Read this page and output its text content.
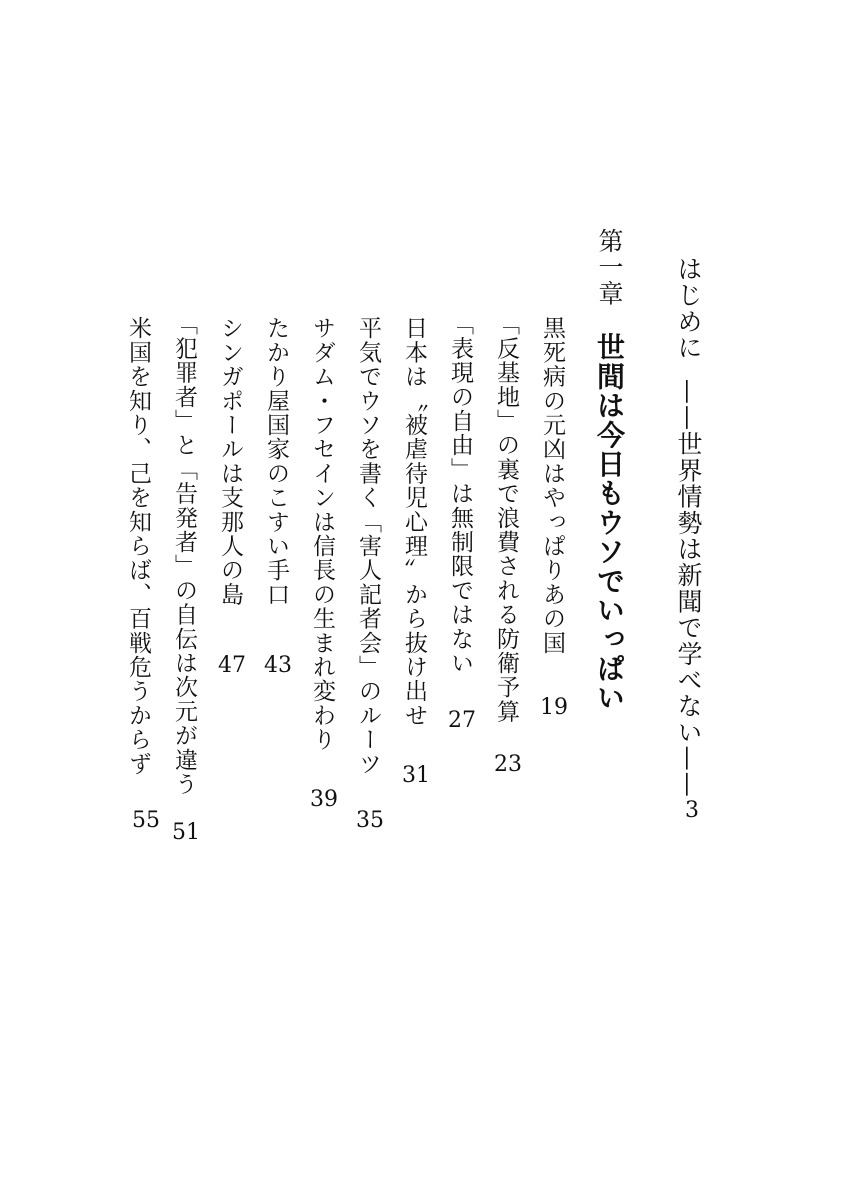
はじめに——世界情勢は新聞で学べない——
3
第一章世間は今日もウソでいっぱい
黒死病の元凶はやっぱりあの国
19
「反基地」の裏で浪費される防衛予算
23
「表現の自由」は無制限ではない
27
日本は〝被虐待児心理〟から抜け出せ
31
平気でウソを書く「害人記者会」のルーツ
35
サダム・フセインは信長の生まれ変わり
39
たかり屋国家のこすい手口
43
シンガポールは支那人の島
47
「犯罪者」と「告発者」の自伝は次元が違う
51
米国を知り、己を知らば、百戦危うからず
55
